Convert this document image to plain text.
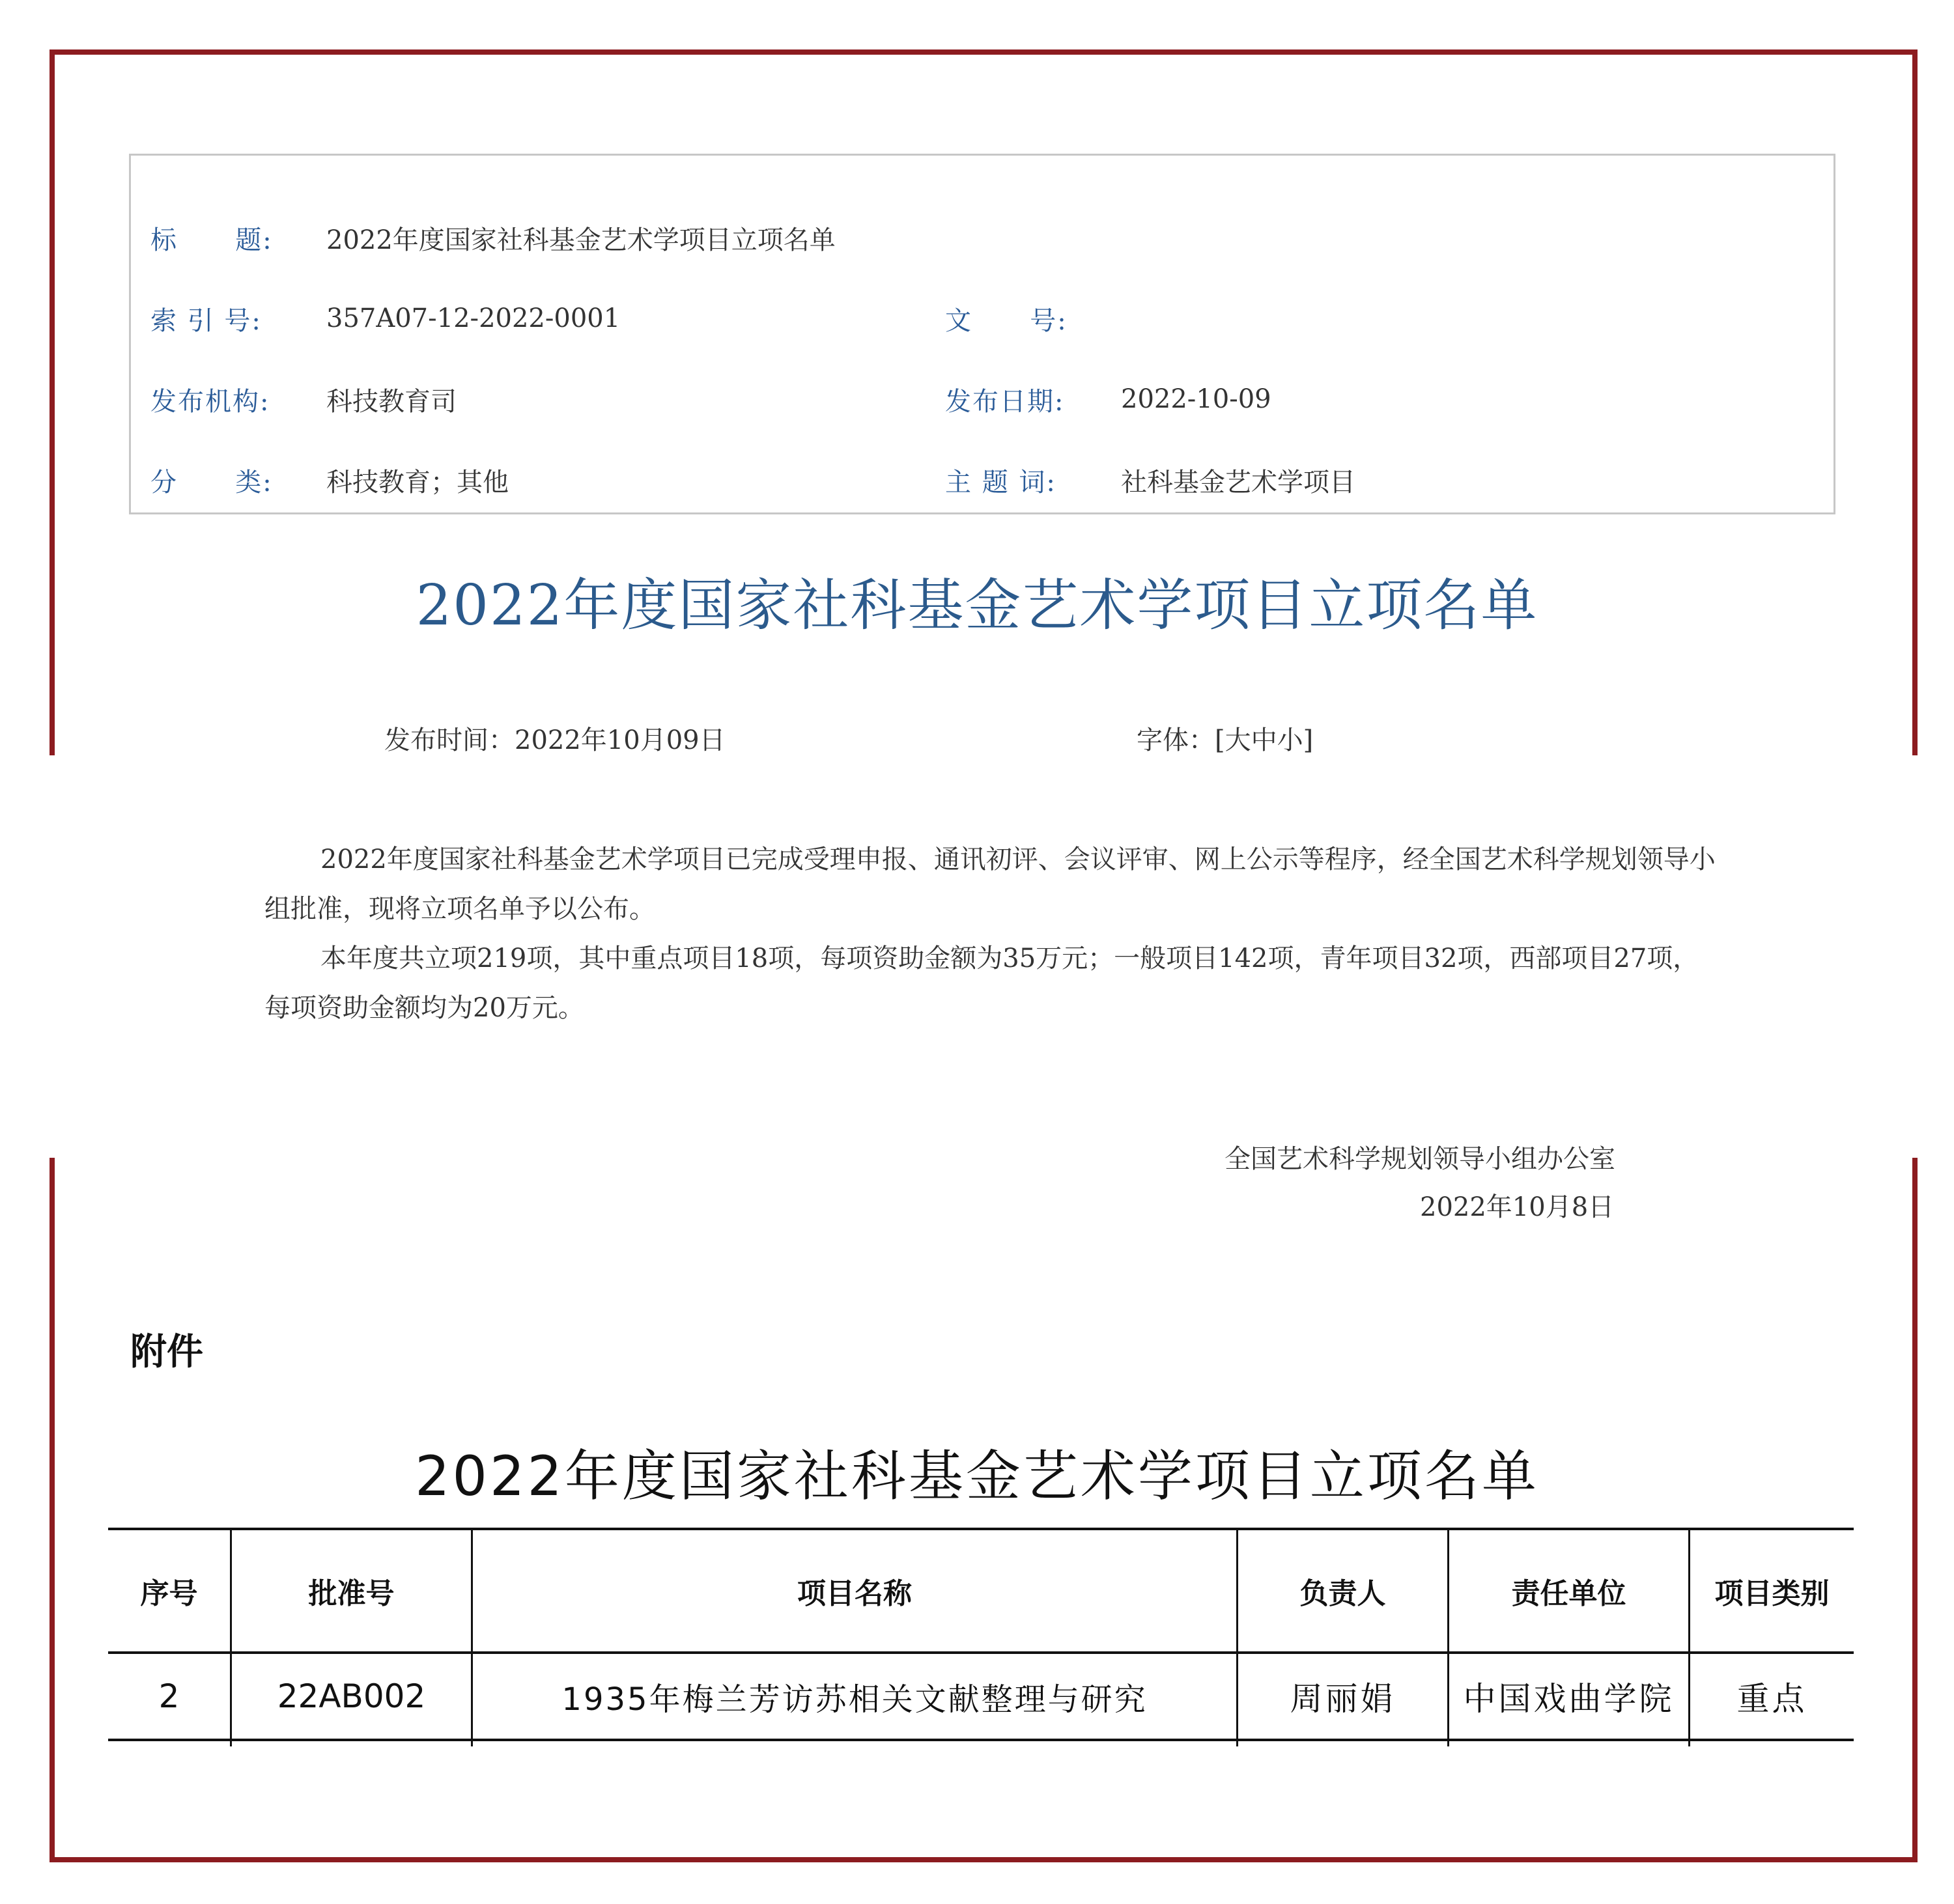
标      题:	2022年度国家社科基金艺术学项目立项名单
索 引 号:	357A07-12-2022-0001	文      号:
发布机构:	科技教育司	发布日期:	2022-10-09
分      类:	科技教育；其他	主 题 词:	社科基金艺术学项目
2022年度国家社科基金艺术学项目立项名单
发布时间：2022年10月09日	字体：[大中小]
2022年度国家社科基金艺术学项目已完成受理申报、通讯初评、会议评审、网上公示等程序，经全国艺术科学规划领导小组批准，现将立项名单予以公布。
本年度共立项219项，其中重点项目18项，每项资助金额为35万元；一般项目142项，青年项目32项，西部项目27项，每项资助金额均为20万元。
全国艺术科学规划领导小组办公室
2022年10月8日
附件
2022年度国家社科基金艺术学项目立项名单
序号	批准号	项目名称	负责人	责任单位	项目类别
2	22AB002	1935年梅兰芳访苏相关文献整理与研究	周丽娟	中国戏曲学院	重点
